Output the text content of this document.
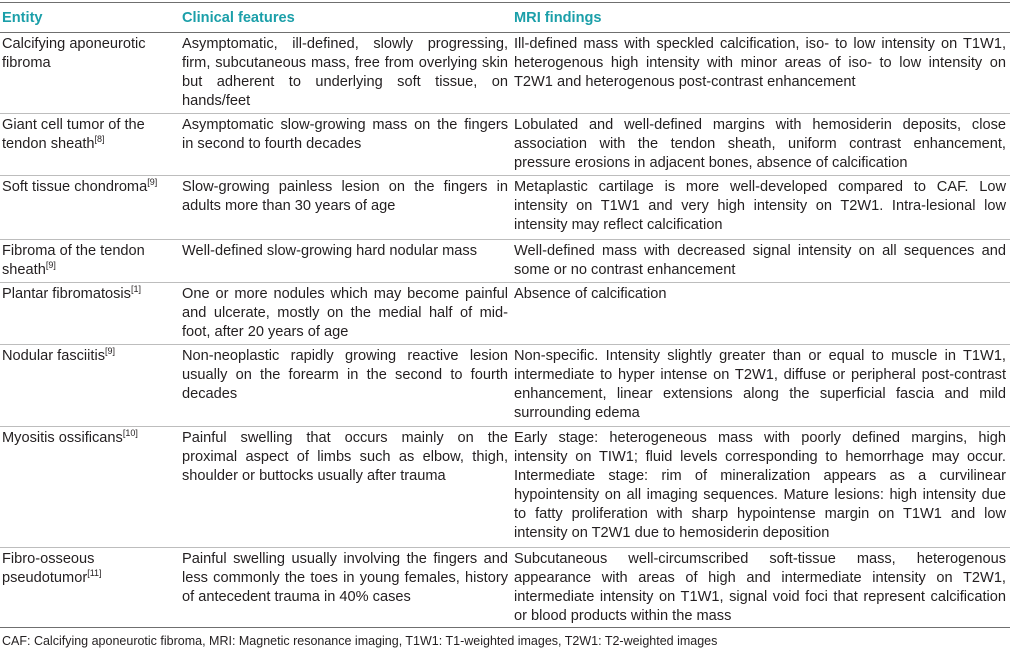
Entity	Clinical features	MRI findings
Calcifying aponeurotic fibroma	Asymptomatic, ill-defined, slowly progressing, firm, subcutaneous mass, free from overlying skin but adherent to underlying soft tissue, on hands/feet	Ill-defined mass with speckled calcification, iso- to low intensity on T1W1, heterogenous high intensity with minor areas of iso- to low intensity on T2W1 and heterogenous post-contrast enhancement
Giant cell tumor of the tendon sheath[8]	Asymptomatic slow-growing mass on the fingers in second to fourth decades	Lobulated and well-defined margins with hemosiderin deposits, close association with the tendon sheath, uniform contrast enhancement, pressure erosions in adjacent bones, absence of calcification
Soft tissue chondroma[9]	Slow-growing painless lesion on the fingers in adults more than 30 years of age	Metaplastic cartilage is more well-developed compared to CAF. Low intensity on T1W1 and very high intensity on T2W1. Intra-lesional low intensity may reflect calcification
Fibroma of the tendon sheath[9]	Well-defined slow-growing hard nodular mass	Well-defined mass with decreased signal intensity on all sequences and some or no contrast enhancement
Plantar fibromatosis[1]	One or more nodules which may become painful and ulcerate, mostly on the medial half of mid-foot, after 20 years of age	Absence of calcification
Nodular fasciitis[9]	Non-neoplastic rapidly growing reactive lesion usually on the forearm in the second to fourth decades	Non-specific. Intensity slightly greater than or equal to muscle in T1W1, intermediate to hyper intense on T2W1, diffuse or peripheral post-contrast enhancement, linear extensions along the superficial fascia and mild surrounding edema
Myositis ossificans[10]	Painful swelling that occurs mainly on the proximal aspect of limbs such as elbow, thigh, shoulder or buttocks usually after trauma	Early stage: heterogeneous mass with poorly defined margins, high intensity on TIW1; fluid levels corresponding to hemorrhage may occur. Intermediate stage: rim of mineralization appears as a curvilinear hypointensity on all imaging sequences. Mature lesions: high intensity due to fatty proliferation with sharp hypointense margin on T1W1 and low intensity on T2W1 due to hemosiderin deposition
Fibro-osseous pseudotumor[11]	Painful swelling usually involving the fingers and less commonly the toes in young females, history of antecedent trauma in 40% cases	Subcutaneous well-circumscribed soft-tissue mass, heterogenous appearance with areas of high and intermediate intensity on T2W1, intermediate intensity on T1W1, signal void foci that represent calcification or blood products within the mass
CAF: Calcifying aponeurotic fibroma, MRI: Magnetic resonance imaging, T1W1: T1-weighted images, T2W1: T2-weighted images
